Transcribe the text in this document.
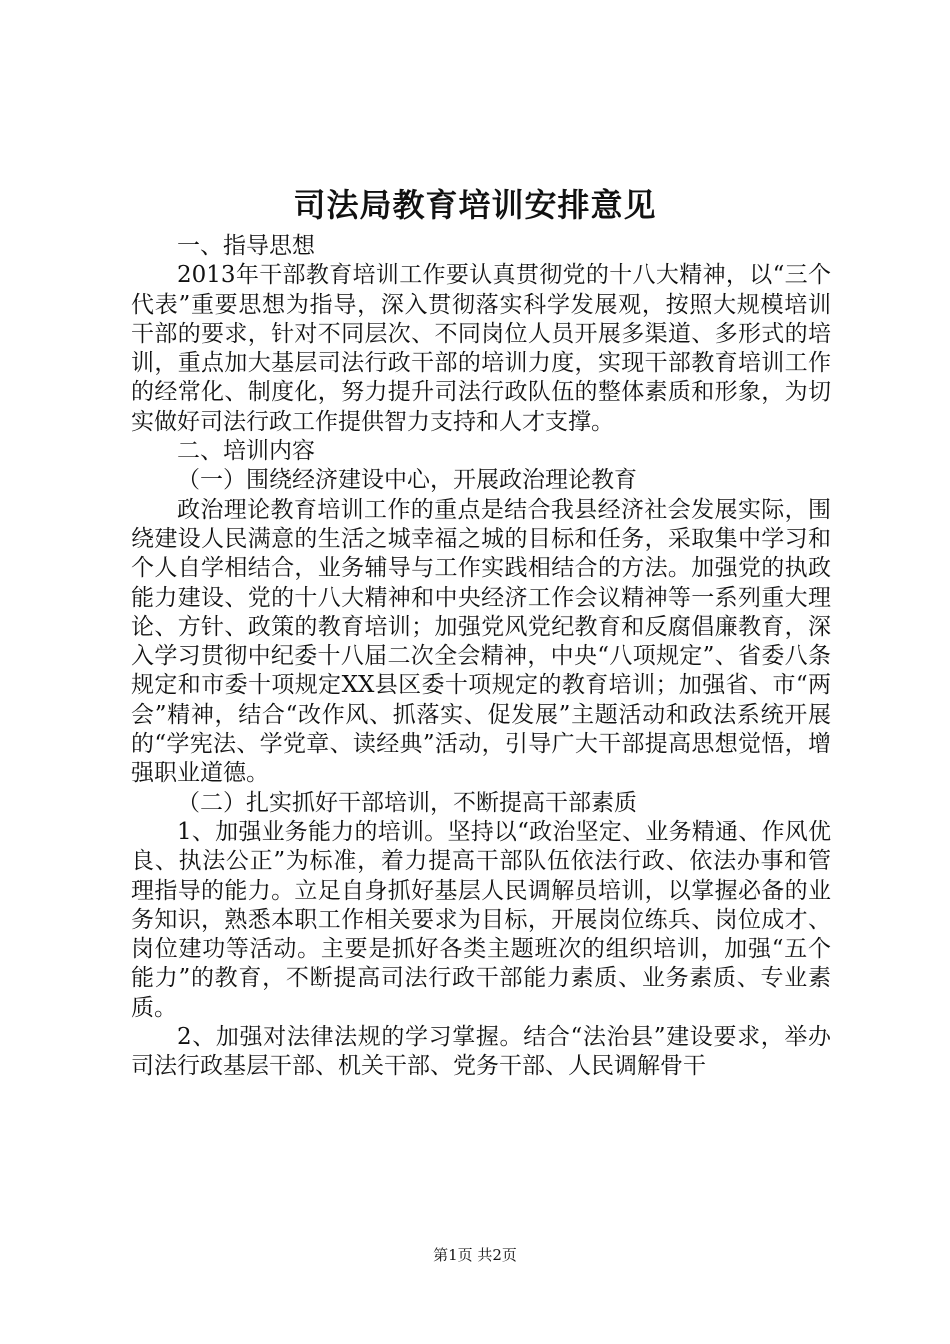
司法局教育培训安排意见

一、指导思想

2013年干部教育培训工作要认真贯彻党的十八大精神，以“三个代表”重要思想为指导，深入贯彻落实科学发展观，按照大规模培训干部的要求，针对不同层次、不同岗位人员开展多渠道、多形式的培训，重点加大基层司法行政干部的培训力度，实现干部教育培训工作的经常化、制度化，努力提升司法行政队伍的整体素质和形象，为切实做好司法行政工作提供智力支持和人才支撑。

二、培训内容

（一）围绕经济建设中心，开展政治理论教育

政治理论教育培训工作的重点是结合我县经济社会发展实际，围绕建设人民满意的生活之城幸福之城的目标和任务，采取集中学习和个人自学相结合，业务辅导与工作实践相结合的方法。加强党的执政能力建设、党的十八大精神和中央经济工作会议精神等一系列重大理论、方针、政策的教育培训；加强党风党纪教育和反腐倡廉教育，深入学习贯彻中纪委十八届二次全会精神，中央“八项规定”、省委八条规定和市委十项规定XX县区委十项规定的教育培训；加强省、市“两会”精神，结合“改作风、抓落实、促发展”主题活动和政法系统开展的“学宪法、学党章、读经典”活动，引导广大干部提高思想觉悟，增强职业道德。

（二）扎实抓好干部培训，不断提高干部素质

1、加强业务能力的培训。坚持以“政治坚定、业务精通、作风优良、执法公正”为标准，着力提高干部队伍依法行政、依法办事和管理指导的能力。立足自身抓好基层人民调解员培训，以掌握必备的业务知识，熟悉本职工作相关要求为目标，开展岗位练兵、岗位成才、岗位建功等活动。主要是抓好各类主题班次的组织培训，加强“五个能力”的教育，不断提高司法行政干部能力素质、业务素质、专业素质。

2、加强对法律法规的学习掌握。结合“法治县”建设要求，举办司法行政基层干部、机关干部、党务干部、人民调解骨干

第1页 共2页
